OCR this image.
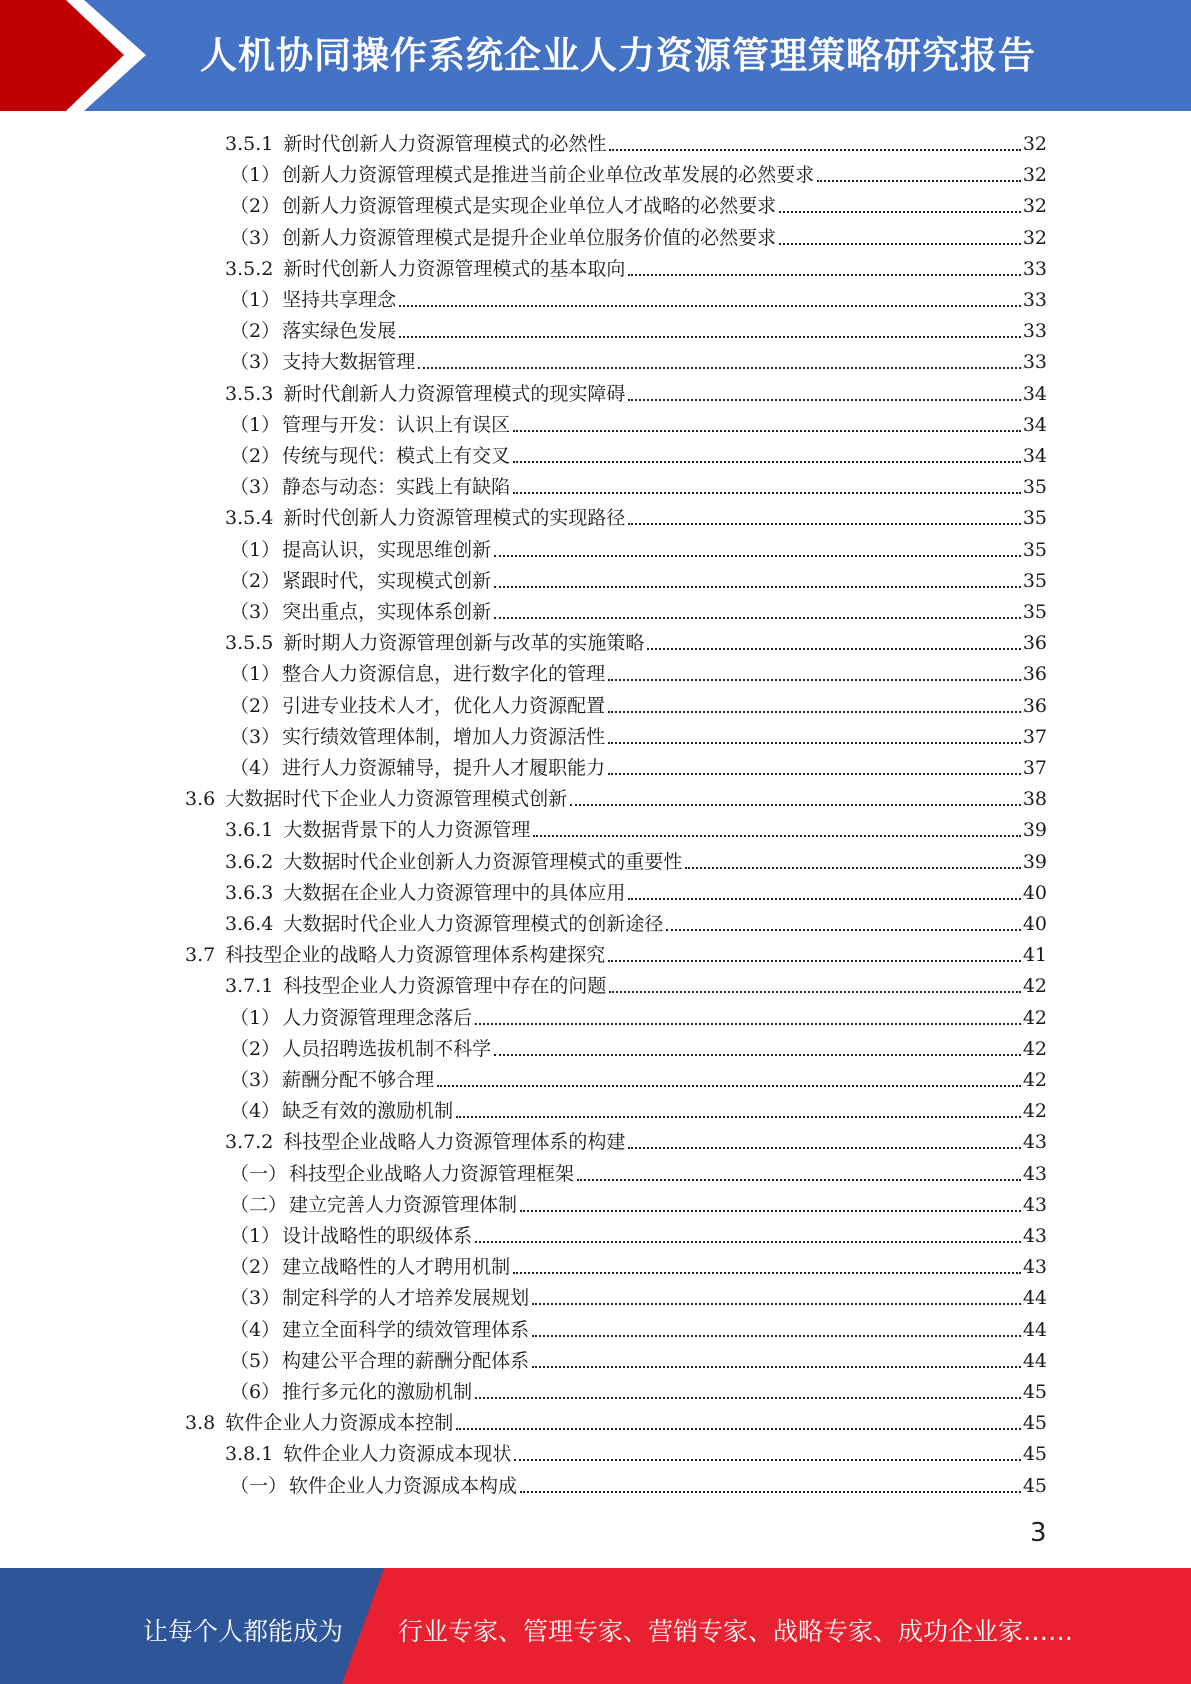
人机协同操作系统企业人力资源管理策略研究报告
3.5.1 新时代创新人力资源管理模式的必然性	32
（1） 创新人力资源管理模式是推进当前企业单位改革发展的必然要求	32
（2） 创新人力资源管理模式是实现企业单位人才战略的必然要求	32
（3） 创新人力资源管理模式是提升企业单位服务价值的必然要求	32
3.5.2 新时代创新人力资源管理模式的基本取向	33
（1） 坚持共享理念	33
（2） 落实绿色发展	33
（3） 支持大数据管理	33
3.5.3 新时代創新人力资源管理模式的现实障碍	34
（1） 管理与开发：认识上有误区	34
（2） 传统与现代：模式上有交叉	34
（3） 静态与动态：实践上有缺陷	35
3.5.4 新时代创新人力资源管理模式的实现路径	35
（1） 提高认识，实现思维创新	35
（2） 紧跟时代，实现模式创新	35
（3） 突出重点，实现体系创新	35
3.5.5 新时期人力资源管理创新与改革的实施策略	36
（1） 整合人力资源信息，进行数字化的管理	36
（2） 引进专业技术人才，优化人力资源配置	36
（3） 实行绩效管理体制，增加人力资源活性	37
（4） 进行人力资源辅导，提升人才履职能力	37
3.6 大数据时代下企业人力资源管理模式创新	38
3.6.1 大数据背景下的人力资源管理	39
3.6.2 大数据时代企业创新人力资源管理模式的重要性	39
3.6.3 大数据在企业人力资源管理中的具体应用	40
3.6.4 大数据时代企业人力资源管理模式的创新途径	40
3.7 科技型企业的战略人力资源管理体系构建探究	41
3.7.1 科技型企业人力资源管理中存在的问题	42
（1） 人力资源管理理念落后	42
（2） 人员招聘选拔机制不科学	42
（3） 薪酬分配不够合理	42
（4） 缺乏有效的激励机制	42
3.7.2 科技型企业战略人力资源管理体系的构建	43
（一） 科技型企业战略人力资源管理框架	43
（二） 建立完善人力资源管理体制	43
（1） 设计战略性的职级体系	43
（2） 建立战略性的人才聘用机制	43
（3） 制定科学的人才培养发展规划	44
（4） 建立全面科学的绩效管理体系	44
（5） 构建公平合理的薪酬分配体系	44
（6） 推行多元化的激励机制	45
3.8 软件企业人力资源成本控制	45
3.8.1 软件企业人力资源成本现状	45
（一） 软件企业人力资源成本构成	45
3
让每个人都能成为 行业专家、管理专家、营销专家、战略专家、成功企业家……
